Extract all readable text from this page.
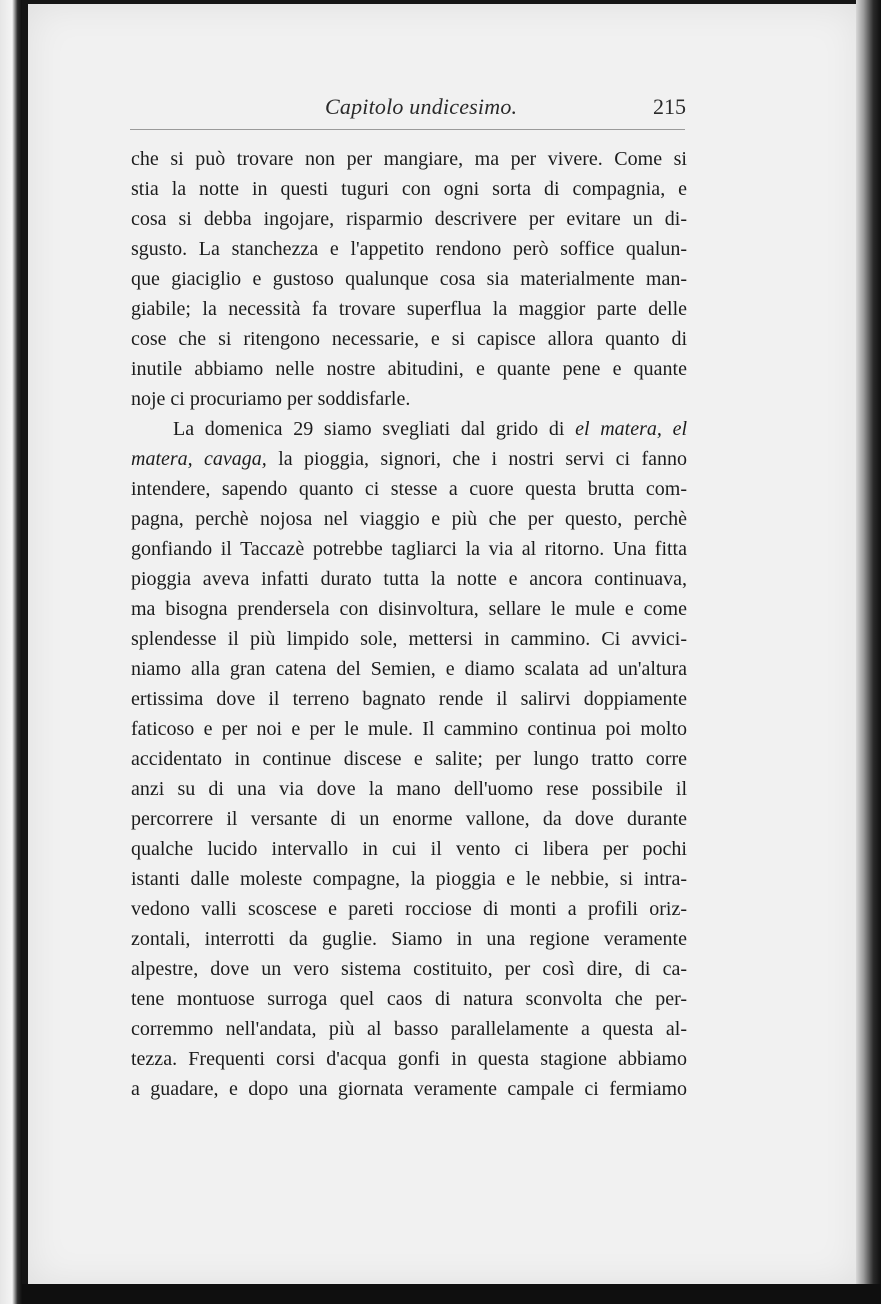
Capitolo undicesimo.	215
che si può trovare non per mangiare, ma per vivere. Come si
stia la notte in questi tuguri con ogni sorta di compagnia, e
cosa si debba ingojare, risparmio descrivere per evitare un di-
sgusto. La stanchezza e l'appetito rendono però soffice qualun-
que giaciglio e gustoso qualunque cosa sia materialmente man-
giabile; la necessità fa trovare superflua la maggior parte delle
cose che si ritengono necessarie, e si capisce allora quanto di
inutile abbiamo nelle nostre abitudini, e quante pene e quante
noje ci procuriamo per soddisfarle.
La domenica 29 siamo svegliati dal grido di el matera, el
matera, cavaga, la pioggia, signori, che i nostri servi ci fanno
intendere, sapendo quanto ci stesse a cuore questa brutta com-
pagna, perchè nojosa nel viaggio e più che per questo, perchè
gonfiando il Taccazè potrebbe tagliarci la via al ritorno. Una fitta
pioggia aveva infatti durato tutta la notte e ancora continuava,
ma bisogna prendersela con disinvoltura, sellare le mule e come
splendesse il più limpido sole, mettersi in cammino. Ci avvici-
niamo alla gran catena del Semien, e diamo scalata ad un'altura
ertissima dove il terreno bagnato rende il salirvi doppiamente
faticoso e per noi e per le mule. Il cammino continua poi molto
accidentato in continue discese e salite; per lungo tratto corre
anzi su di una via dove la mano dell'uomo rese possibile il
percorrere il versante di un enorme vallone, da dove durante
qualche lucido intervallo in cui il vento ci libera per pochi
istanti dalle moleste compagne, la pioggia e le nebbie, si intra-
vedono valli scoscese e pareti rocciose di monti a profili oriz-
zontali, interrotti da guglie. Siamo in una regione veramente
alpestre, dove un vero sistema costituito, per così dire, di ca-
tene montuose surroga quel caos di natura sconvolta che per-
corremmo nell'andata, più al basso parallelamente a questa al-
tezza. Frequenti corsi d'acqua gonfi in questa stagione abbiamo
a guadare, e dopo una giornata veramente campale ci fermiamo
